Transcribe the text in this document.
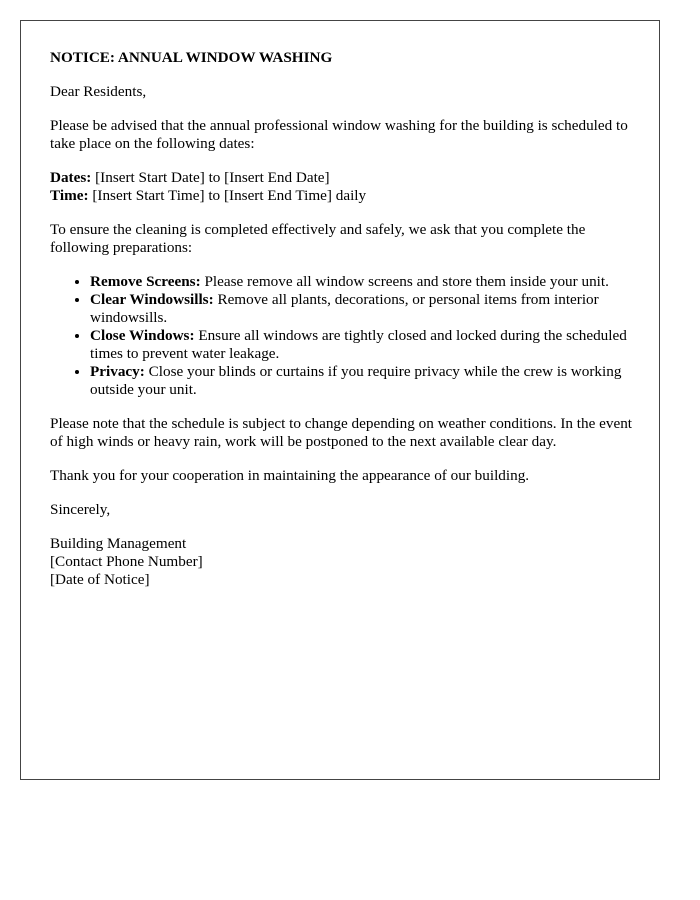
NOTICE: ANNUAL WINDOW WASHING

Dear Residents,

Please be advised that the annual professional window washing for the building is scheduled to take place on the following dates:

Dates: [Insert Start Date] to [Insert End Date]
Time: [Insert Start Time] to [Insert End Time] daily

To ensure the cleaning is completed effectively and safely, we ask that you complete the following preparations:

• Remove Screens: Please remove all window screens and store them inside your unit.
• Clear Windowsills: Remove all plants, decorations, or personal items from interior windowsills.
• Close Windows: Ensure all windows are tightly closed and locked during the scheduled times to prevent water leakage.
• Privacy: Close your blinds or curtains if you require privacy while the crew is working outside your unit.

Please note that the schedule is subject to change depending on weather conditions. In the event of high winds or heavy rain, work will be postponed to the next available clear day.

Thank you for your cooperation in maintaining the appearance of our building.

Sincerely,

Building Management
[Contact Phone Number]
[Date of Notice]
